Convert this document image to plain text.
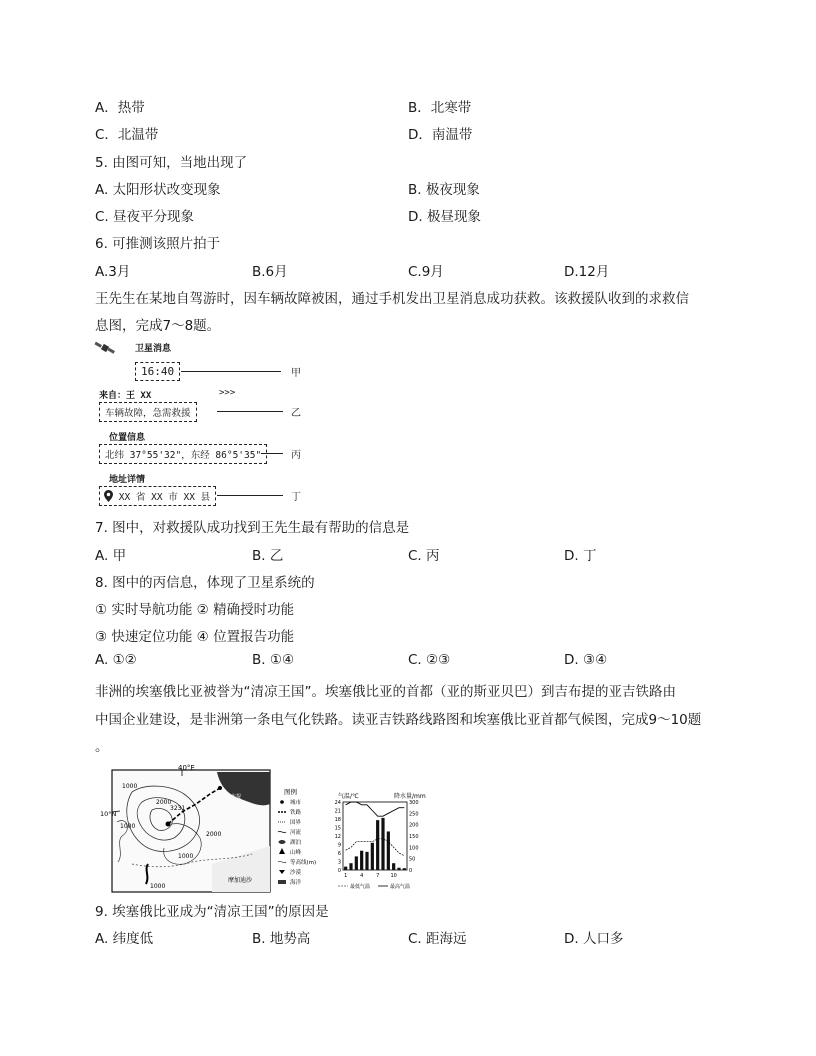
A．热带	B．北寒带
C．北温带	D．南温带
5. 由图可知，当地出现了
A. 太阳形状改变现象	B. 极夜现象
C. 昼夜平分现象	D. 极昼现象
6. 可推测该照片拍于
A.3月	B.6月	C.9月	D.12月
王先生在某地自驾游时，因车辆故障被困，通过手机发出卫星消息成功获救。该救援队收到的求救信
息图，完成7～8题。
卫星消息
16:40	甲
来自：王 XX	>>>
车辆故障，急需救援	乙
位置信息
北纬 37°55'32"，东经 86°5'35"	丙
地址详情
XX 省 XX 市 XX 县	丁
7. 图中，对救援队成功找到王先生最有帮助的信息是
A. 甲	B. 乙	C. 丙	D. 丁
8. 图中的丙信息，体现了卫星系统的
① 实时导航功能 ② 精确授时功能
③ 快速定位功能 ④ 位置报告功能
A. ①②	B. ①④	C. ②③	D. ③④
非洲的埃塞俄比亚被誉为“清凉王国”。埃塞俄比亚的首都（亚的斯亚贝巴）到吉布提的亚吉铁路由
中国企业建设，是非洲第一条电气化铁路。读亚吉铁路线路图和埃塞俄比亚首都气候图，完成9～10题
。
40°E
10°N
吉布提
摩加迪沙
1000
2000
1000
2000
1000
1000
3231
图例
城市
铁路
国界
河流
湖泊
山峰
等高线(m)
沙漠
海洋
气温/℃	降水量/mm
24
21
18
15
12
9
6
3
0
300
250
200
150
100
50
0
1	4	7 10
最低气温	最高气温
9. 埃塞俄比亚成为“清凉王国”的原因是
A. 纬度低	B. 地势高	C. 距海远	D. 人口多
